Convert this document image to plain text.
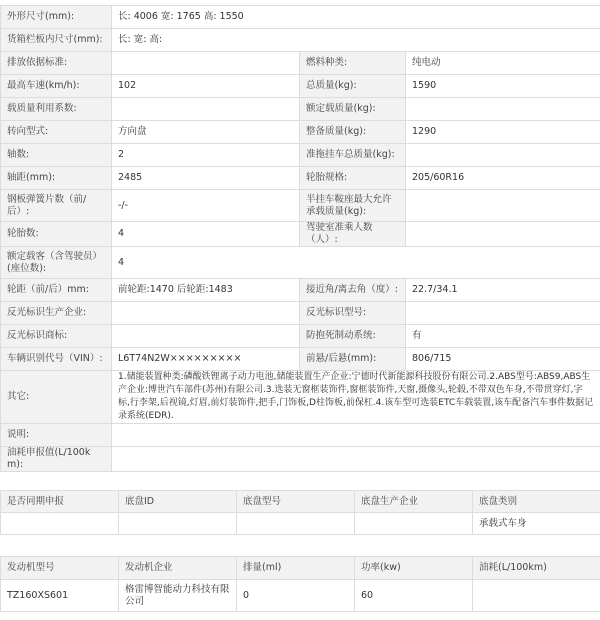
外形尺寸(mm):	长: 4006 宽: 1765 高: 1550		
货箱栏板内尺寸(mm):	长: 宽: 高:		
排放依据标准:		燃料种类:	纯电动
最高车速(km/h):	102	总质量(kg):	1590
载质量利用系数:		额定载质量(kg):	
转向型式:	方向盘	整备质量(kg):	1290
轴数:	2	准拖挂车总质量(kg):	
轴距(mm):	2485	轮胎规格:	205/60R16
钢板弹簧片数（前/后）:	-/-	半挂车鞍座最大允许承载质量(kg):	
轮胎数:	4	驾驶室准乘人数（人）:	
额定载客（含驾驶员）(座位数):	4		
轮距（前/后）mm:	前轮距:1470 后轮距:1483	接近角/离去角（度）:	22.7/34.1
反光标识生产企业:		反光标识型号:	
反光标识商标:		防抱死制动系统:	有
车辆识别代号（VIN）:	L6T74N2W×××××××××	前悬/后悬(mm):	806/715
其它:	1.储能装置种类:磷酸铁锂离子动力电池,储能装置生产企业:宁德时代新能源科技股份有限公司.2.ABS型号:ABS9,ABS生产企业:博世汽车部件(苏州)有限公司.3.选装无窗框装饰件,窗框装饰件,天窗,摄像头,轮毂,不带双色车身,不带贯穿灯,字标,行李架,后视镜,灯眉,前灯装饰件,把手,门饰板,D柱饰板,前保杠.4.该车型可选装ETC车载装置,该车配备汽车事件数据记录系统(EDR).		
说明:			
油耗申报值(L/100km):			
是否同期申报	底盘ID	底盘型号	底盘生产企业	底盘类别
				承载式车身
发动机型号	发动机企业	排量(ml)	功率(kw)	油耗(L/100km)
TZ160XS601	格雷博智能动力科技有限公司	0	60	
